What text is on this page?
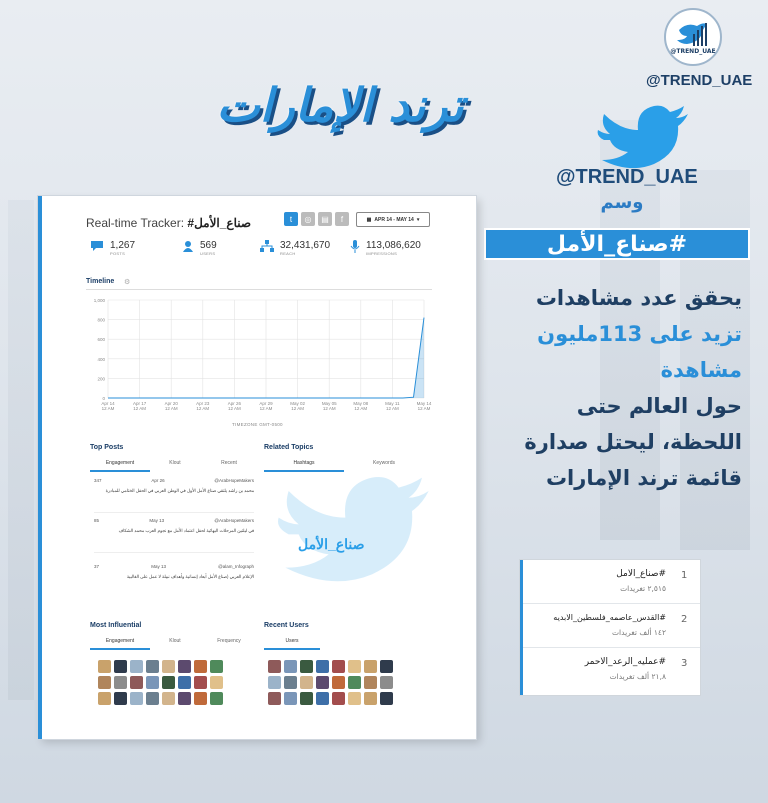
@TREND_UAE
@TREND_UAE
ترند الإمارات
@TREND_UAE
وسم
#صناع_الأمل
يحقق عدد مشاهدات
تزيد على 113مليون
مشاهدة
حول العالم حتى
اللحظة، ليحتل صدارة
قائمة ترند الإمارات
Real-time Tracker: #صناع_الأمل	t	◎	▤	f	▦ APR 14 - MAY 14 ▾
1,267
POSTS
569
USERS
32,431,670
REACH
113,086,620
IMPRESSIONS
Timeline ⚙
1,000
800
600
400
200
0
Apr 14
12 AM
Apr 17
12 AM
Apr 20
12 AM
Apr 23
12 AM
Apr 26
12 AM
Apr 29
12 AM
May 02
12 AM
May 05
12 AM
May 08
12 AM
May 11
12 AM
May 14
12 AM
TIMEZONE GMT-0500
Top Posts
Engagement	Klout	Recent
Related Topics
Hashtags	Keywords
347	Apr 26	@ArabHopeMakers
محمد بن راشد يلتقي صناع الأمل الأول في الوطن العربي في الحفل الختامي للمبادرة
85	May 13	@ArabHopeMakers
في ليلتين المرحلات البهائية لحفل اعتماد الأمل مع نجوم العرب محمد الشكاف
37	May 13	@alam_Infograph
الإعلام العربي (صناع الأمل أبعاد إنسانية وأهداف نبيلة لا عمل على الغالبية
صناع_الأمل
Most Influential
Engagement	Klout	Frequency
Recent Users
Users
1
#صناع_الامل
٢,٥١٥ تغريدات
2
#القدس_عاصمه_فلسطين_الابديه
١٤٢ ألف تغريدات
3
#عمليه_الرعد_الاحمر
٢١,٨ ألف تغريدات
